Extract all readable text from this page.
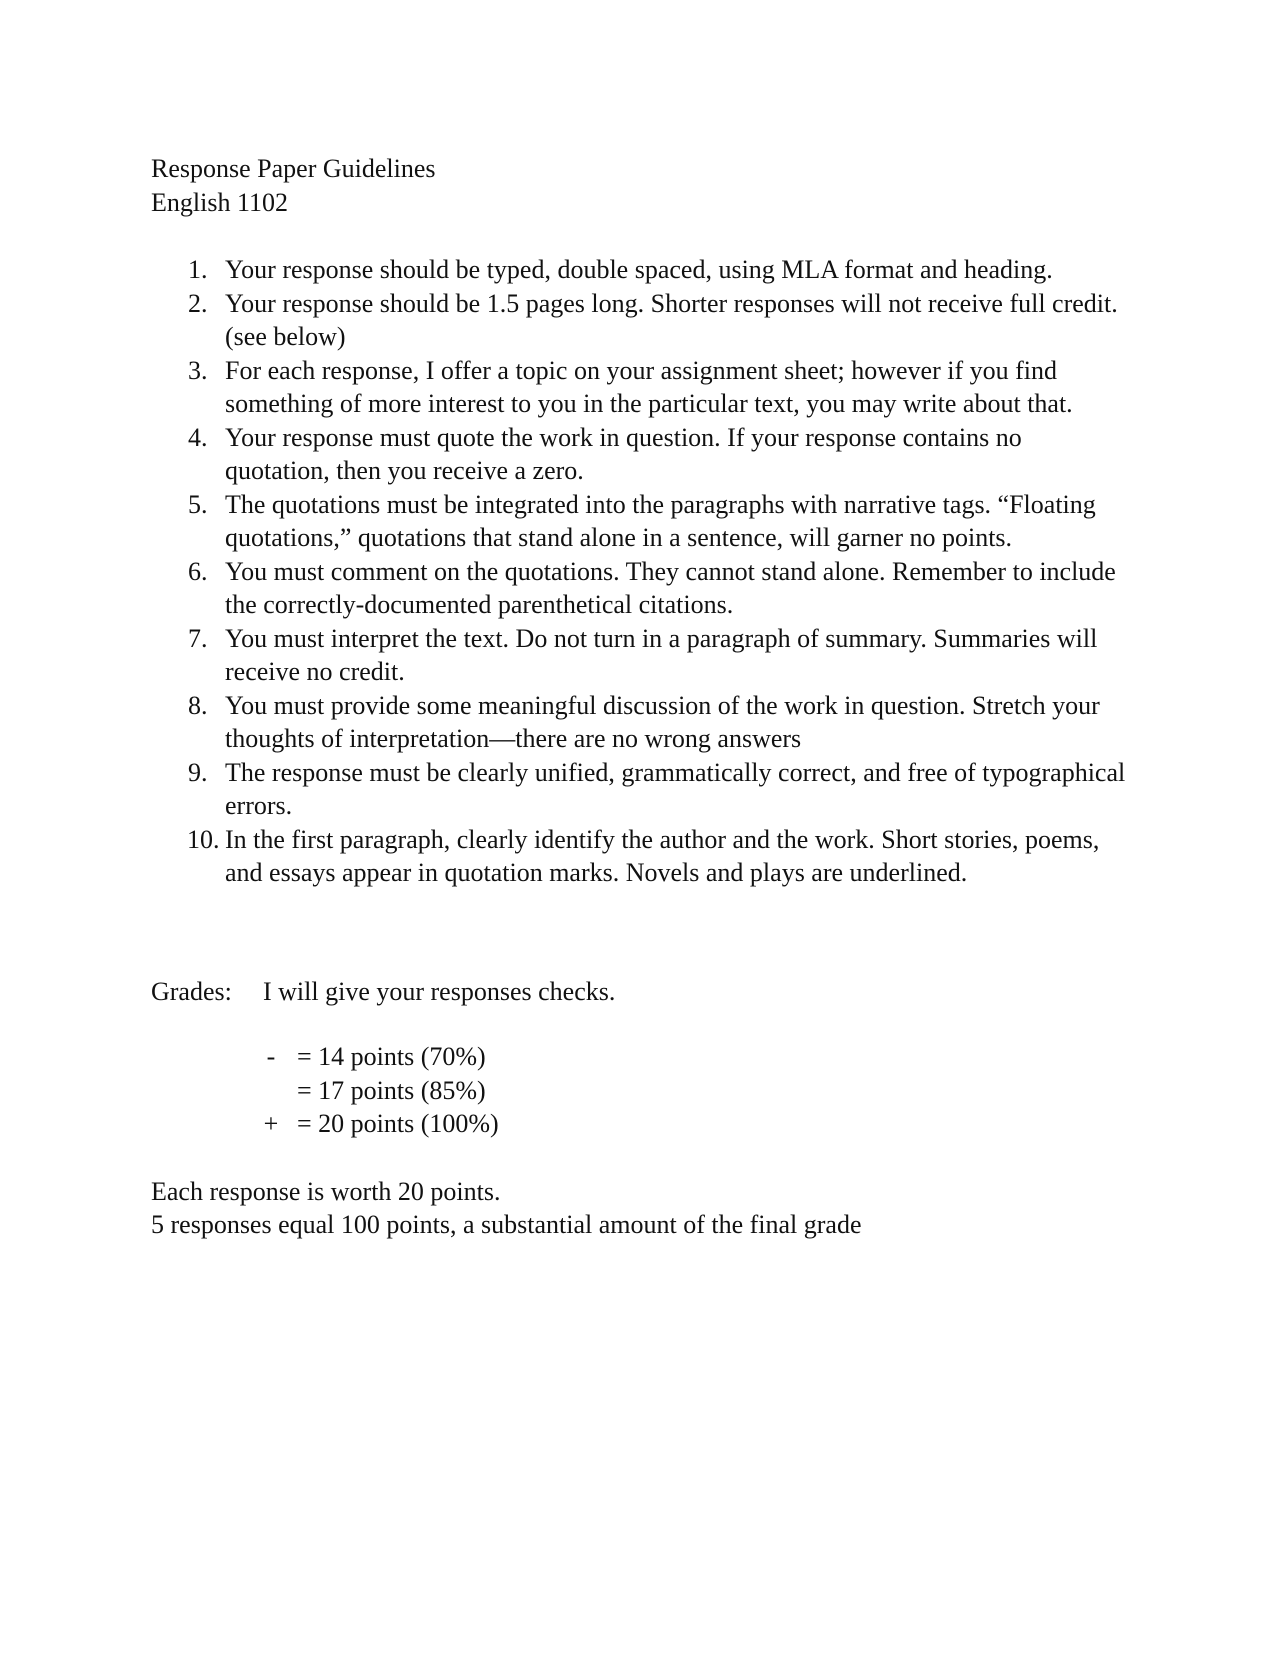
Response Paper Guidelines
English 1102
1. Your response should be typed, double spaced, using MLA format and heading.
2. Your response should be 1.5 pages long. Shorter responses will not receive full credit. (see below)
3. For each response, I offer a topic on your assignment sheet; however if you find something of more interest to you in the particular text, you may write about that.
4. Your response must quote the work in question. If your response contains no quotation, then you receive a zero.
5. The quotations must be integrated into the paragraphs with narrative tags. “Floating quotations,” quotations that stand alone in a sentence, will garner no points.
6. You must comment on the quotations. They cannot stand alone. Remember to include the correctly-documented parenthetical citations.
7. You must interpret the text. Do not turn in a paragraph of summary. Summaries will receive no credit.
8. You must provide some meaningful discussion of the work in question. Stretch your thoughts of interpretation—there are no wrong answers
9. The response must be clearly unified, grammatically correct, and free of typographical errors.
10. In the first paragraph, clearly identify the author and the work. Short stories, poems, and essays appear in quotation marks. Novels and plays are underlined.
Grades: I will give your responses checks.
- = 14 points (70%)
= 17 points (85%)
+ = 20 points (100%)
Each response is worth 20 points.
5 responses equal 100 points, a substantial amount of the final grade
